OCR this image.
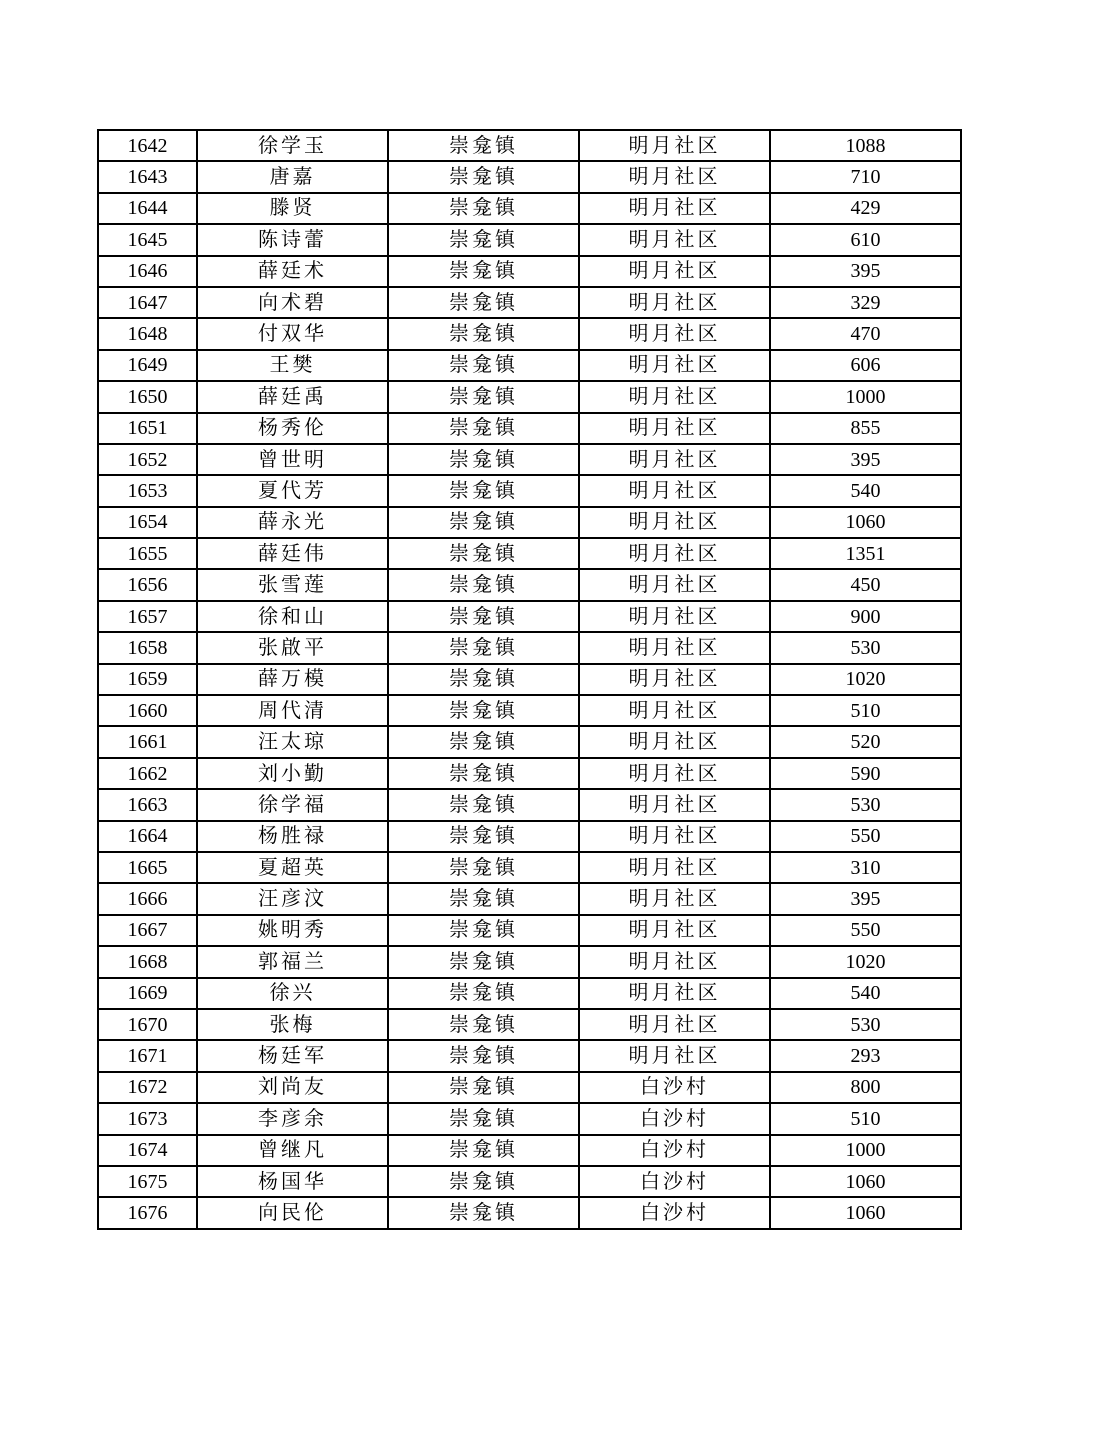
1642	徐学玉	崇龛镇	明月社区	1088
1643	唐嘉	崇龛镇	明月社区	710
1644	滕贤	崇龛镇	明月社区	429
1645	陈诗蕾	崇龛镇	明月社区	610
1646	薛廷术	崇龛镇	明月社区	395
1647	向术碧	崇龛镇	明月社区	329
1648	付双华	崇龛镇	明月社区	470
1649	王樊	崇龛镇	明月社区	606
1650	薛廷禹	崇龛镇	明月社区	1000
1651	杨秀伦	崇龛镇	明月社区	855
1652	曾世明	崇龛镇	明月社区	395
1653	夏代芳	崇龛镇	明月社区	540
1654	薛永光	崇龛镇	明月社区	1060
1655	薛廷伟	崇龛镇	明月社区	1351
1656	张雪莲	崇龛镇	明月社区	450
1657	徐和山	崇龛镇	明月社区	900
1658	张啟平	崇龛镇	明月社区	530
1659	薛万模	崇龛镇	明月社区	1020
1660	周代清	崇龛镇	明月社区	510
1661	汪太琼	崇龛镇	明月社区	520
1662	刘小勤	崇龛镇	明月社区	590
1663	徐学福	崇龛镇	明月社区	530
1664	杨胜禄	崇龛镇	明月社区	550
1665	夏超英	崇龛镇	明月社区	310
1666	汪彦汶	崇龛镇	明月社区	395
1667	姚明秀	崇龛镇	明月社区	550
1668	郭福兰	崇龛镇	明月社区	1020
1669	徐兴	崇龛镇	明月社区	540
1670	张梅	崇龛镇	明月社区	530
1671	杨廷军	崇龛镇	明月社区	293
1672	刘尚友	崇龛镇	白沙村	800
1673	李彦余	崇龛镇	白沙村	510
1674	曾继凡	崇龛镇	白沙村	1000
1675	杨国华	崇龛镇	白沙村	1060
1676	向民伦	崇龛镇	白沙村	1060
